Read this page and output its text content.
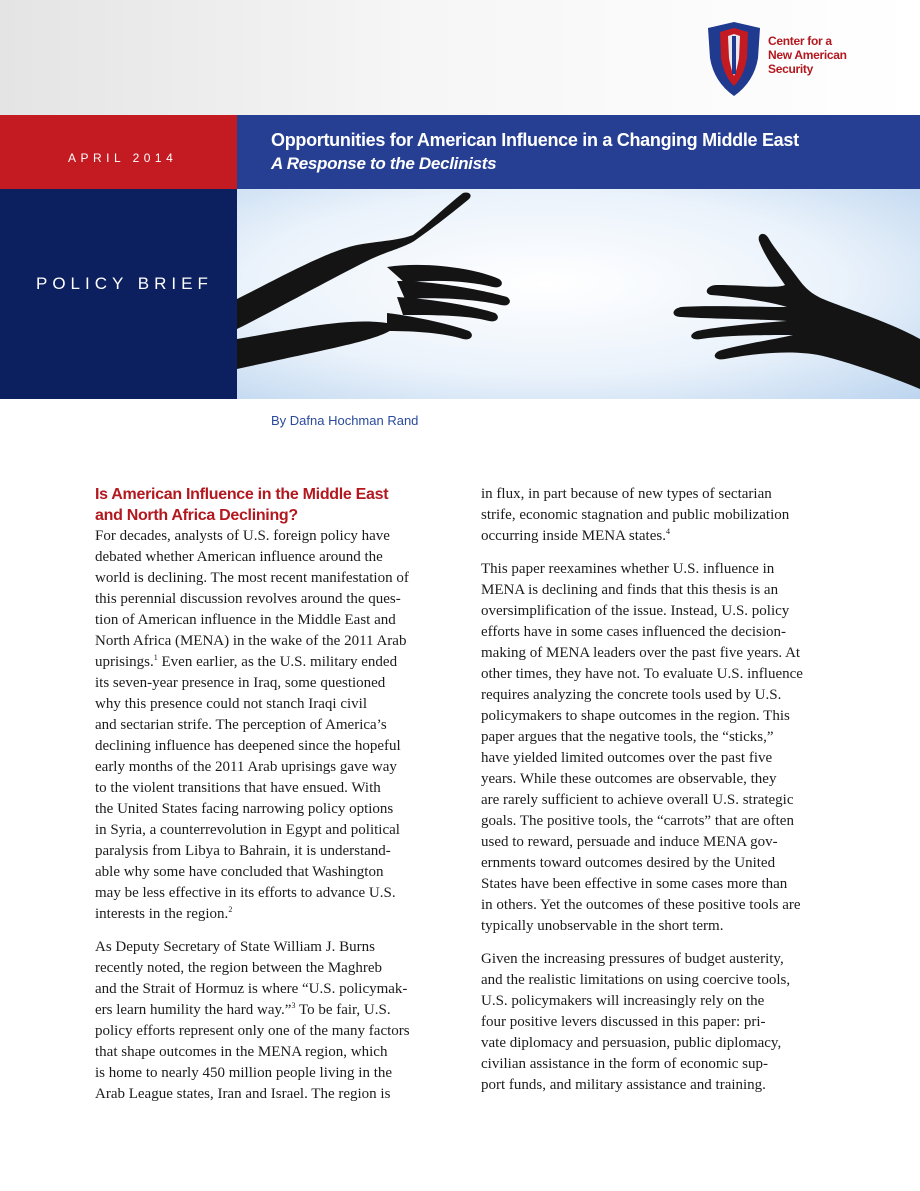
Center for a
New American
Security
APRIL 2014
Opportunities for American Influence in a Changing Middle East
A Response to the Declinists
POLICY BRIEF
By Dafna Hochman Rand
Is American Influence in the Middle East
and North Africa Declining?

For decades, analysts of U.S. foreign policy have
debated whether American influence around the
world is declining. The most recent manifestation of
this perennial discussion revolves around the ques-
tion of American influence in the Middle East and
North Africa (MENA) in the wake of the 2011 Arab
uprisings.$^1$ Even earlier, as the U.S. military ended
its seven-year presence in Iraq, some questioned
why this presence could not stanch Iraqi civil
and sectarian strife. The perception of America’s
declining influence has deepened since the hopeful
early months of the 2011 Arab uprisings gave way
to the violent transitions that have ensued. With
the United States facing narrowing policy options
in Syria, a counterrevolution in Egypt and political
paralysis from Libya to Bahrain, it is understand-
able why some have concluded that Washington
may be less effective in its efforts to advance U.S.
interests in the region.$^2$

As Deputy Secretary of State William J. Burns
recently noted, the region between the Maghreb
and the Strait of Hormuz is where “U.S. policymak-
ers learn humility the hard way.”$^3$ To be fair, U.S.
policy efforts represent only one of the many factors
that shape outcomes in the MENA region, which
is home to nearly 450 million people living in the
Arab League states, Iran and Israel. The region is

in flux, in part because of new types of sectarian
strife, economic stagnation and public mobilization
occurring inside MENA states.$^4$

This paper reexamines whether U.S. influence in
MENA is declining and finds that this thesis is an
oversimplification of the issue. Instead, U.S. policy
efforts have in some cases influenced the decision-
making of MENA leaders over the past five years. At
other times, they have not. To evaluate U.S. influence
requires analyzing the concrete tools used by U.S.
policymakers to shape outcomes in the region. This
paper argues that the negative tools, the “sticks,”
have yielded limited outcomes over the past five
years. While these outcomes are observable, they
are rarely sufficient to achieve overall U.S. strategic
goals. The positive tools, the “carrots” that are often
used to reward, persuade and induce MENA gov-
ernments toward outcomes desired by the United
States have been effective in some cases more than
in others. Yet the outcomes of these positive tools are
typically unobservable in the short term.

Given the increasing pressures of budget austerity,
and the realistic limitations on using coercive tools,
U.S. policymakers will increasingly rely on the
four positive levers discussed in this paper: pri-
vate diplomacy and persuasion, public diplomacy,
civilian assistance in the form of economic sup-
port funds, and military assistance and training.
